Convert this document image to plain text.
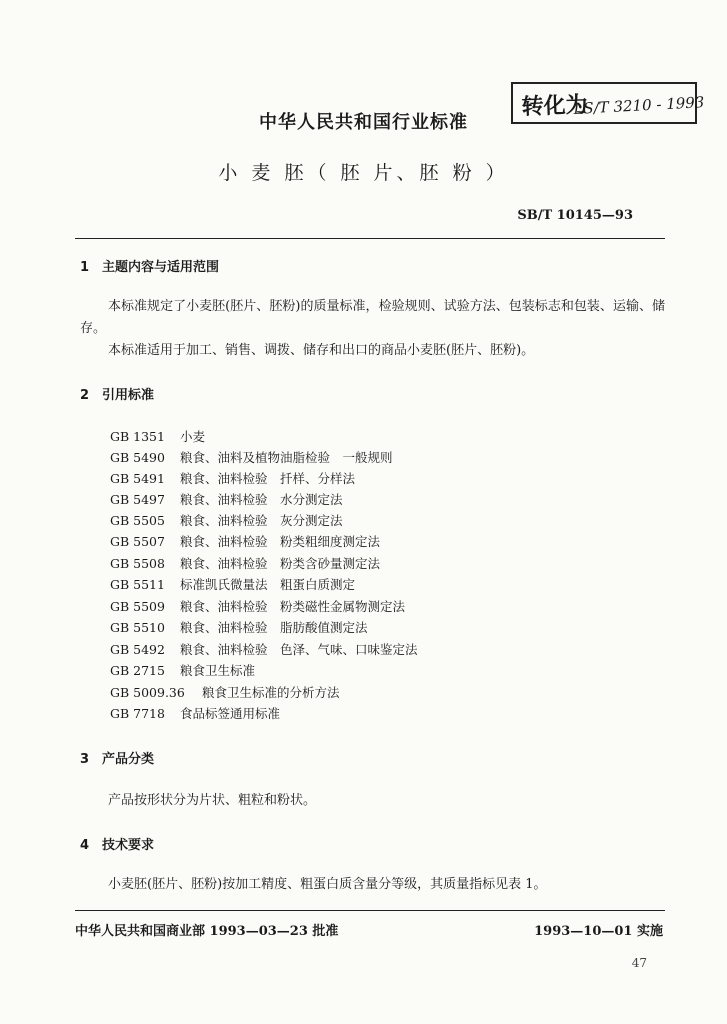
中华人民共和国行业标准
转化为
LS/T 3210 - 1993
小 麦 胚（ 胚 片、胚 粉 ）
SB/T 10145—93
1 主题内容与适用范围
本标准规定了小麦胚(胚片、胚粉)的质量标准，检验规则、试验方法、包装标志和包装、运输、储存。
本标准适用于加工、销售、调拨、储存和出口的商品小麦胚(胚片、胚粉)。
2 引用标准
GB 1351 小麦
GB 5490 粮食、油料及植物油脂检验　一般规则
GB 5491 粮食、油料检验　扦样、分样法
GB 5497 粮食、油料检验　水分测定法
GB 5505 粮食、油料检验　灰分测定法
GB 5507 粮食、油料检验　粉类粗细度测定法
GB 5508 粮食、油料检验　粉类含砂量测定法
GB 5511 标准凯氏微量法　粗蛋白质测定
GB 5509 粮食、油料检验　粉类磁性金属物测定法
GB 5510 粮食、油料检验　脂肪酸值测定法
GB 5492 粮食、油料检验　色泽、气味、口味鉴定法
GB 2715 粮食卫生标准
GB 5009.36 粮食卫生标准的分析方法
GB 7718 食品标签通用标准
3 产品分类
产品按形状分为片状、粗粒和粉状。
4 技术要求
小麦胚(胚片、胚粉)按加工精度、粗蛋白质含量分等级，其质量指标见表 1。
中华人民共和国商业部 1993—03—23 批准	1993—10—01 实施
47
